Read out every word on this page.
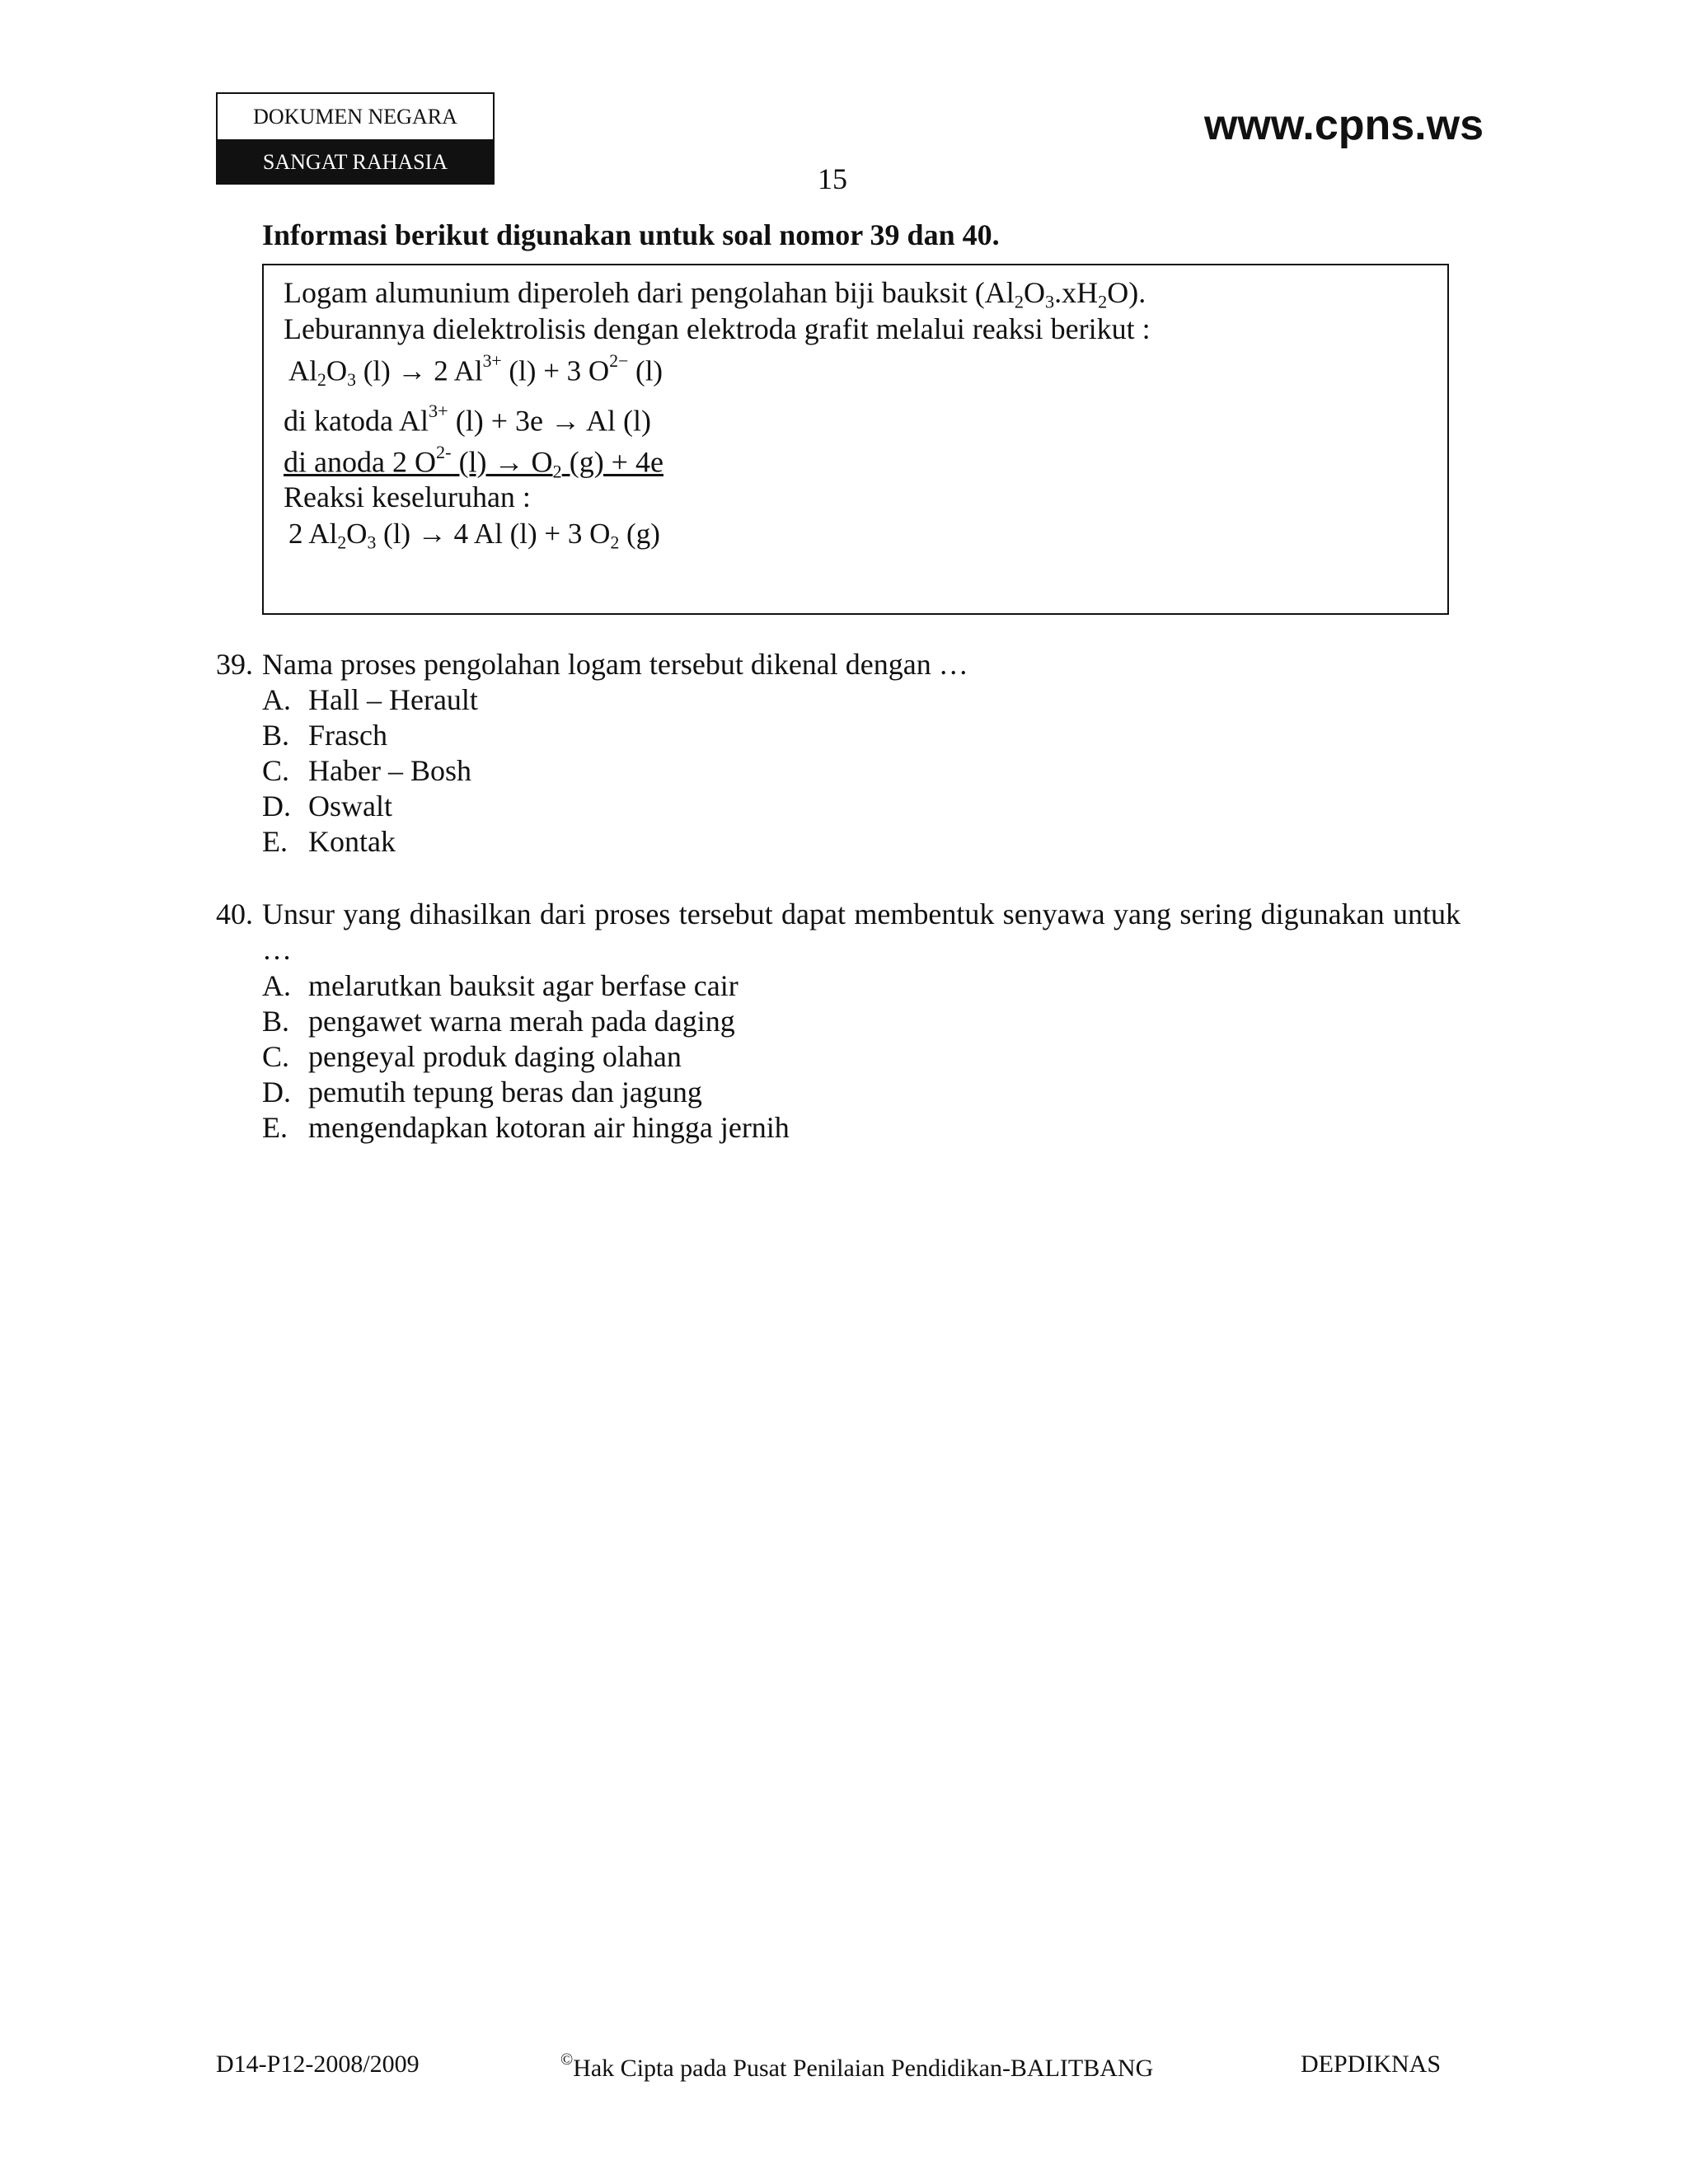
DOKUMEN NEGARA
SANGAT RAHASIA
www.cpns.ws
15
Informasi berikut digunakan untuk soal nomor 39 dan 40.
Logam alumunium diperoleh dari pengolahan biji bauksit $(Al_2O_3.xH_2O)$.
Leburannya dielektrolisis dengan elektroda grafit melalui reaksi berikut :
$Al_2O_3$ (l) → 2 $Al^{3+}$ (l) + 3 $O^{2-}$ (l)
di katoda $Al^{3+}$ (l) + 3e → Al (l)
di anoda 2 $O^{2-}$ $(l) \to O_2$ (g) + 4e
Reaksi keseluruhan :
2 $Al_2O_3$ (l) → 4 Al (l) + 3 $O_2$ (g)
39. Nama proses pengolahan logam tersebut dikenal dengan …
A. Hall – Herault
B. Frasch
C. Haber – Bosh
D. Oswalt
E. Kontak
40. Unsur yang dihasilkan dari proses tersebut dapat membentuk senyawa yang sering digunakan untuk …
A. melarutkan bauksit agar berfase cair
B. pengawet warna merah pada daging
C. pengeyal produk daging olahan
D. pemutih tepung beras dan jagung
E. mengendapkan kotoran air hingga jernih
D14-P12-2008/2009	©Hak Cipta pada Pusat Penilaian Pendidikan-BALITBANG	DEPDIKNAS
